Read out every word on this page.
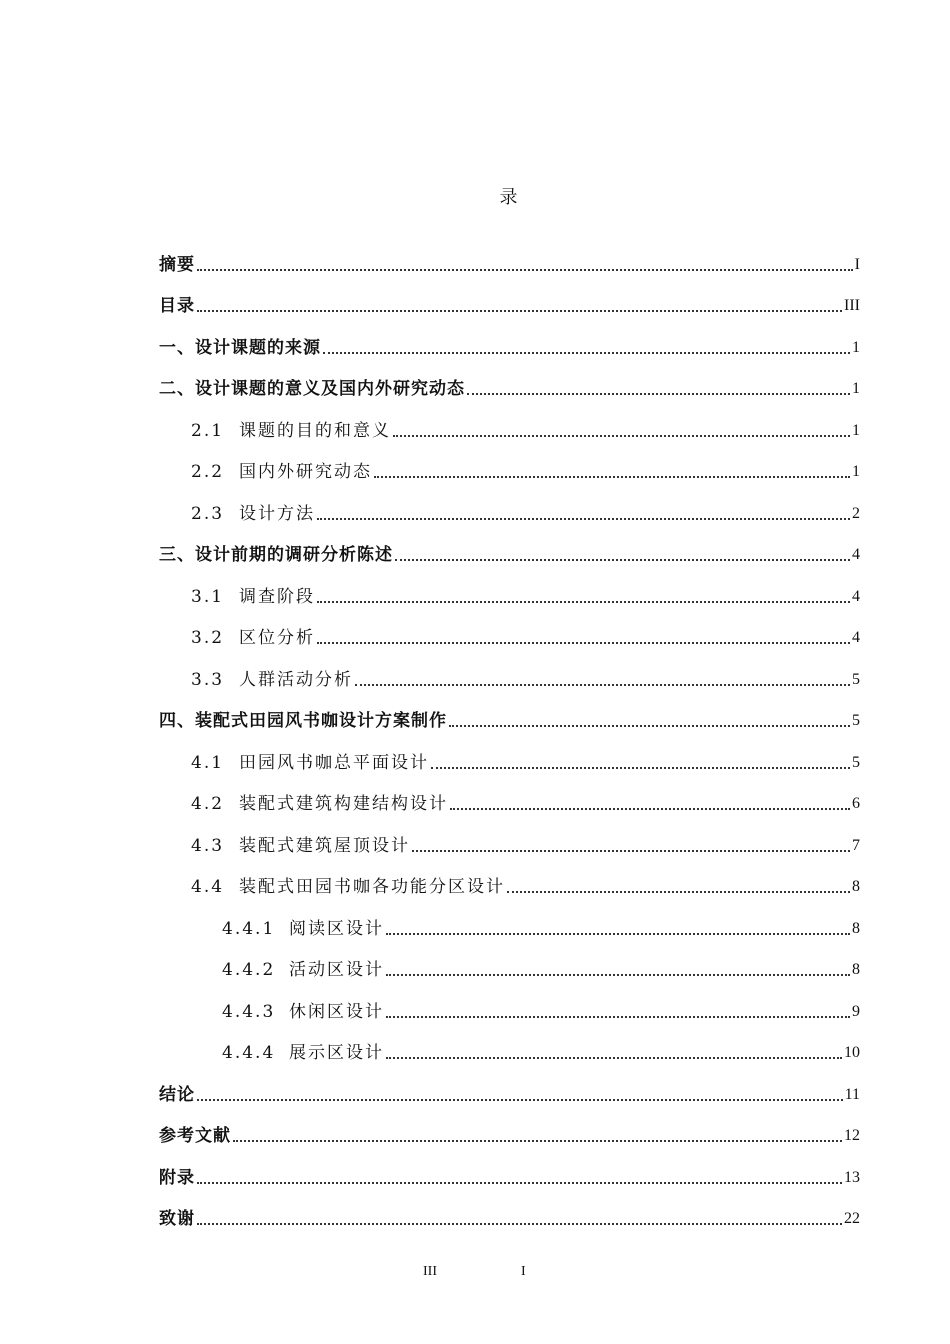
录
摘要	I
目录	III
一、设计课题的来源	1
二、设计课题的意义及国内外研究动态	1
2.1 课题的目的和意义	1
2.2 国内外研究动态	1
2.3 设计方法	2
三、设计前期的调研分析陈述	4
3.1 调查阶段	4
3.2 区位分析	4
3.3 人群活动分析	5
四、装配式田园风书咖设计方案制作	5
4.1 田园风书咖总平面设计	5
4.2 装配式建筑构建结构设计	6
4.3 装配式建筑屋顶设计	7
4.4 装配式田园书咖各功能分区设计	8
4.4.1 阅读区设计	8
4.4.2 活动区设计	8
4.4.3 休闲区设计	9
4.4.4 展示区设计	10
结论	11
参考文献	12
附录	13
致谢	22
III	I
